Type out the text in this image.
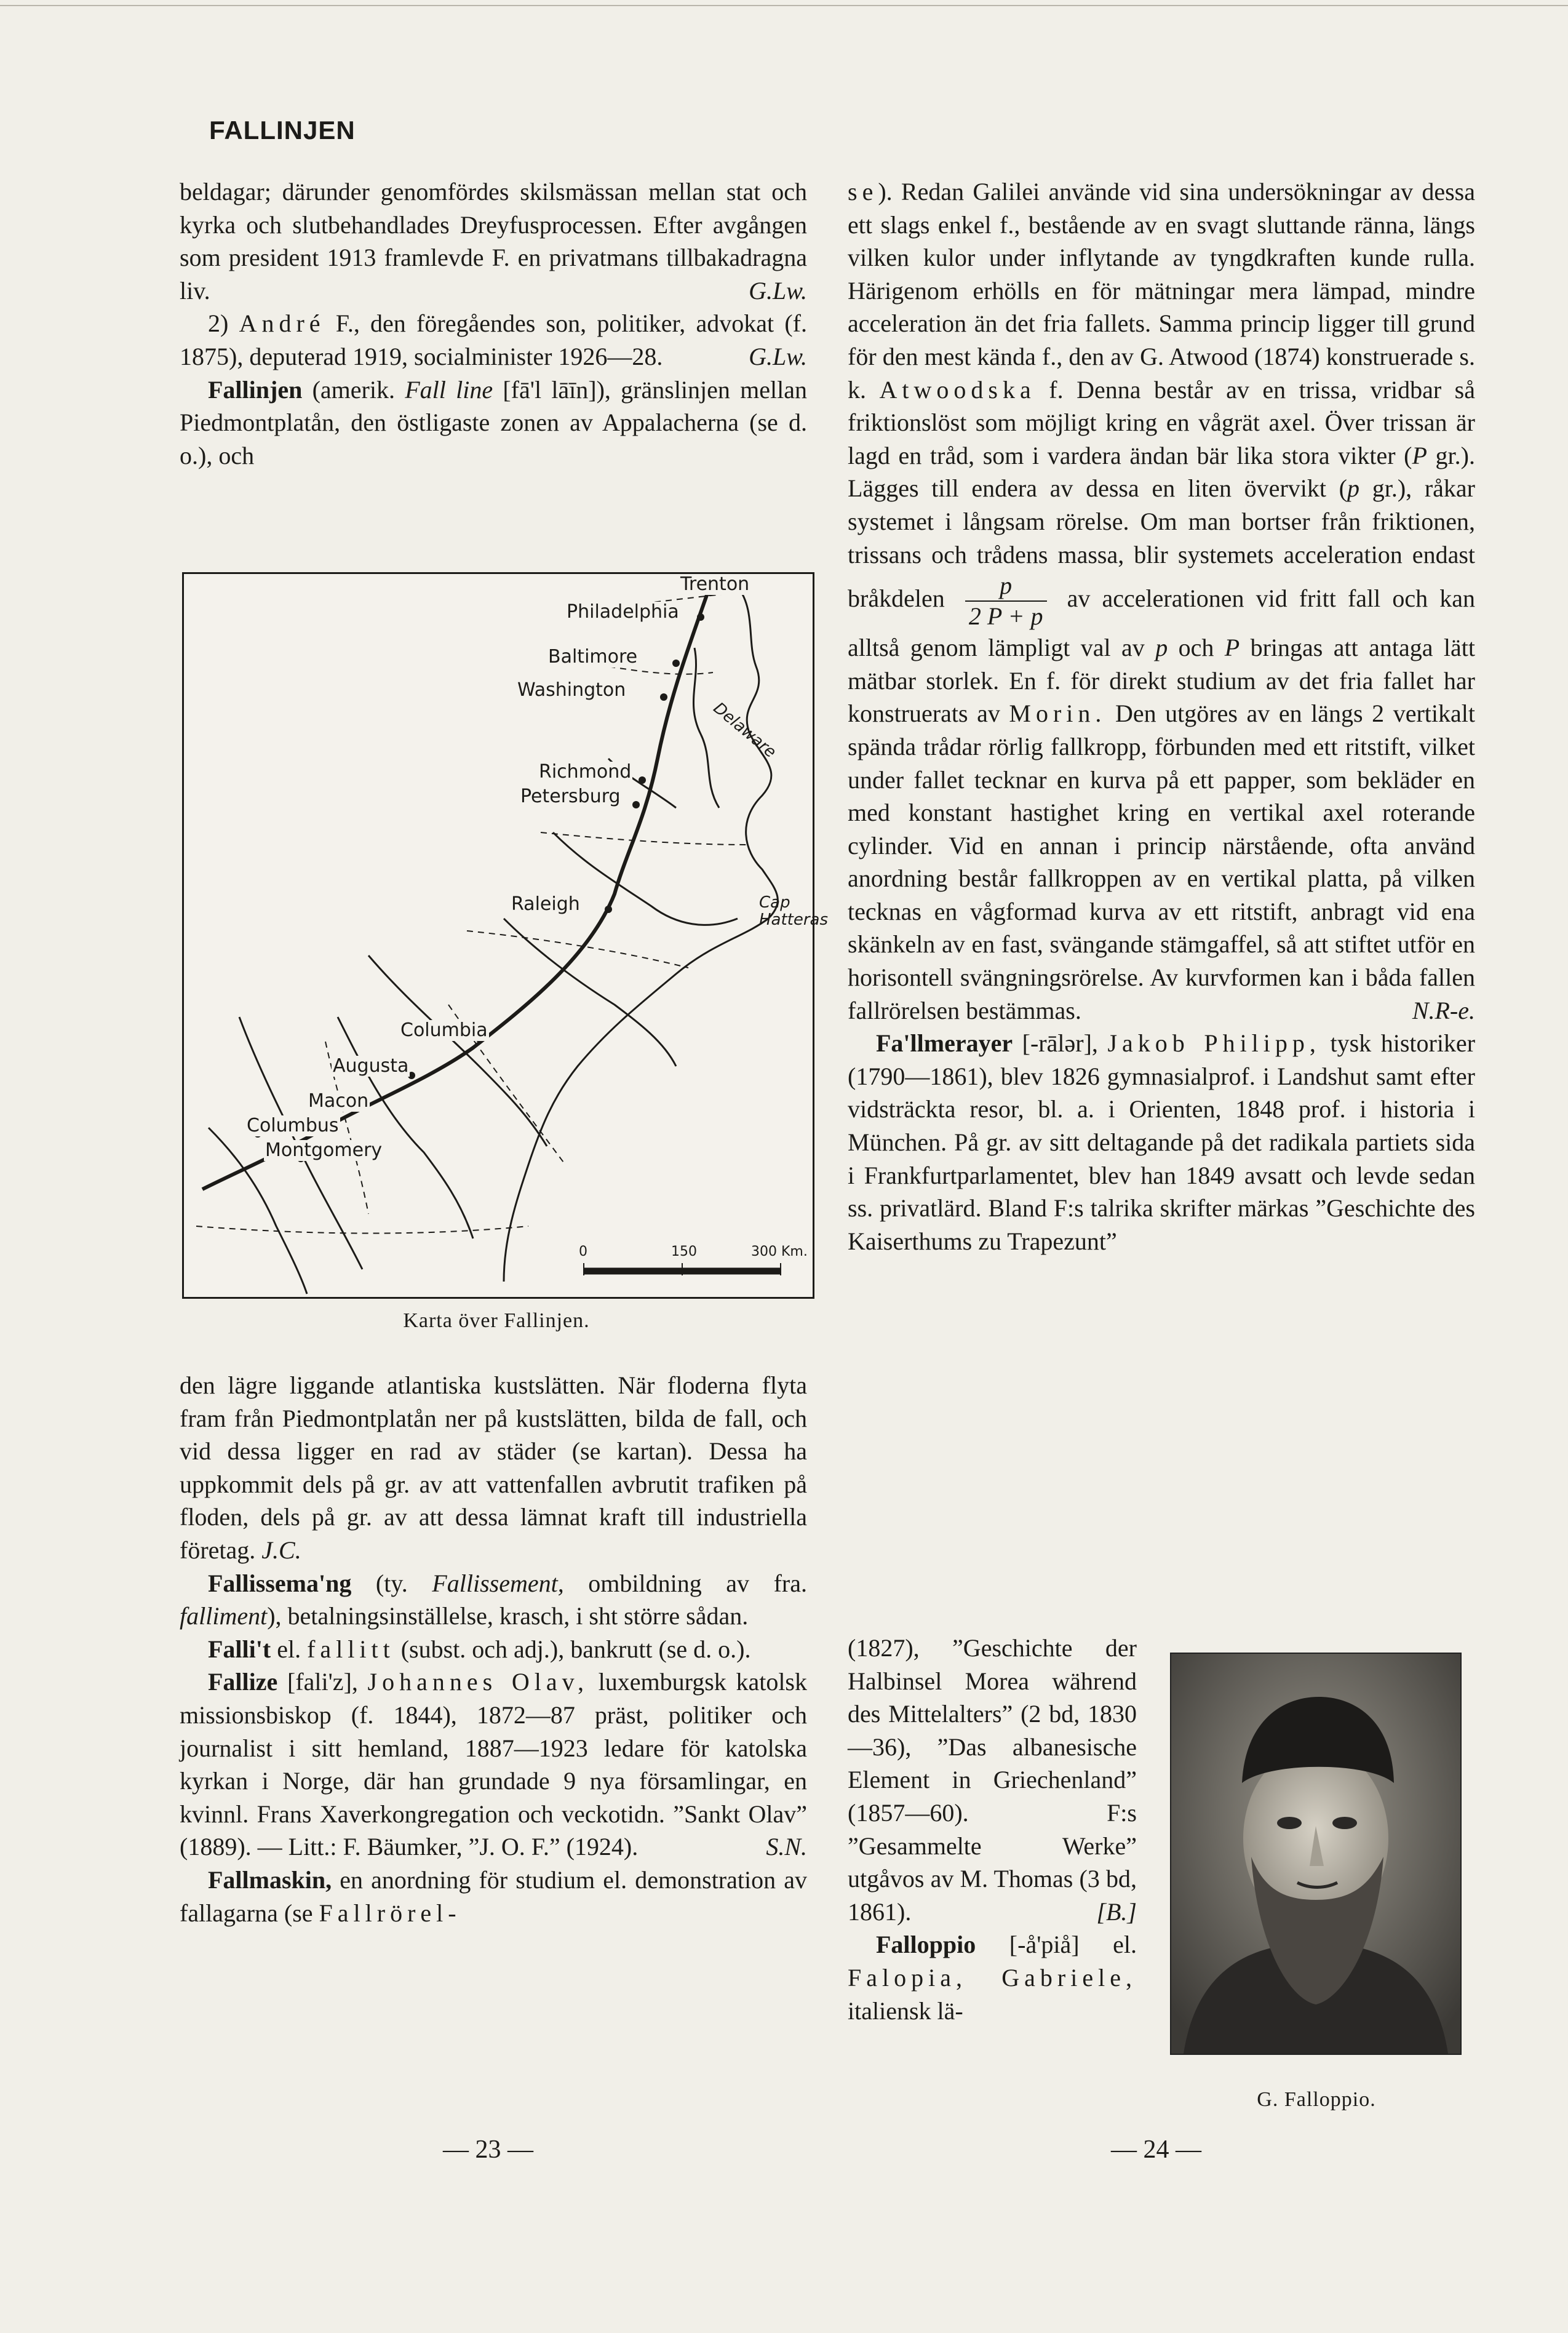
FALLINJEN

beldagar; därunder genomfördes skilsmässan mellan stat och kyrka och slutbehandlades Dreyfusprocessen. Efter avgången som president 1913 framlevde F. en privatmans tillbakadragna liv.	G.Lw.

2) André F., den föregåendes son, politiker, advokat (f. 1875), deputerad 1919, socialminister 1926—28.	G.Lw.

Fallinjen (amerik. Fall line [fā'l lāīn]), gränslinjen mellan Piedmontplatån, den östligaste zonen av Appalacherna (se d. o.), och

Trenton
Philadelphia
Baltimore
Washington
Richmond
Petersburg
Raleigh
Columbia
Augusta
Macon
Columbus
Montgomery
Delaware
Cap Hatteras
0	150	300 Km.
Karta över Fallinjen.

den lägre liggande atlantiska kustslätten. När floderna flyta fram från Piedmontplatån ner på kustslätten, bilda de fall, och vid dessa ligger en rad av städer (se kartan). Dessa ha uppkommit dels på gr. av att vattenfallen avbrutit trafiken på floden, dels på gr. av att dessa lämnat kraft till industriella företag. J.C.

Fallissema'ng (ty. Fallissement, ombildning av fra. falliment), betalningsinställelse, krasch, i sht större sådan.

Falli't el. fallitt (subst. och adj.), bankrutt (se d. o.).

Fallize [fali'z], Johannes Olav, luxemburgsk katolsk missionsbiskop (f. 1844), 1872—87 präst, politiker och journalist i sitt hemland, 1887—1923 ledare för katolska kyrkan i Norge, där han grundade 9 nya församlingar, en kvinnl. Frans Xaverkongregation och veckotidn. ”Sankt Olav” (1889). — Litt.: F. Bäumker, ”J. O. F.” (1924).	S.N.

Fallmaskin, en anordning för studium el. demonstration av fallagarna (se Fallrörel-

se). Redan Galilei använde vid sina undersökningar av dessa ett slags enkel f., bestående av en svagt sluttande ränna, längs vilken kulor under inflytande av tyngdkraften kunde rulla. Härigenom erhölls en för mätningar mera lämpad, mindre acceleration än det fria fallets. Samma princip ligger till grund för den mest kända f., den av G. Atwood (1874) konstruerade s. k. Atwoodska f. Denna består av en trissa, vridbar så friktionslöst som möjligt kring en vågrät axel. Över trissan är lagd en tråd, som i vardera ändan bär lika stora vikter (P gr.). Lägges till endera av dessa en liten övervikt (p gr.), råkar systemet i långsam rörelse. Om man bortser från friktionen, trissans och trådens massa, blir systemets acceleration endast bråkdelen $\frac{p}{2 P + p}$ av accelerationen vid fritt fall och kan alltså genom lämpligt val av p och P bringas att antaga lätt mätbar storlek. En f. för direkt studium av det fria fallet har konstruerats av Morin. Den utgöres av en längs 2 vertikalt spända trådar rörlig fallkropp, förbunden med ett ritstift, vilket under fallet tecknar en kurva på ett papper, som bekläder en med konstant hastighet kring en vertikal axel roterande cylinder. Vid en annan i princip närstående, ofta använd anordning består fallkroppen av en vertikal platta, på vilken tecknas en vågformad kurva av ett ritstift, anbragt vid ena skänkeln av en fast, svängande stämgaffel, så att stiftet utför en horisontell svängningsrörelse. Av kurvformen kan i båda fallen fallrörelsen bestämmas.	N.R-e.

Fa'llmerayer [-rālər], Jakob Philipp, tysk historiker (1790—1861), blev 1826 gymnasialprof. i Landshut samt efter vidsträckta resor, bl. a. i Orienten, 1848 prof. i historia i München. På gr. av sitt deltagande på det radikala partiets sida i Frankfurtparlamentet, blev han 1849 avsatt och levde sedan ss. privatlärd. Bland F:s talrika skrifter märkas ”Geschichte des Kaiserthums zu Trapezunt”

(1827), ”Geschichte der Halbinsel Morea während des Mittelalters” (2 bd, 1830—36), ”Das albanesische Element in Griechenland” (1857—60). F:s ”Gesammelte Werke” utgåvos av M. Thomas (3 bd, 1861).	[B.]

Falloppio [-å'piå] el. Falopia, Gabriele, italiensk lä-

G. Falloppio.
— 23 —	— 24 —
